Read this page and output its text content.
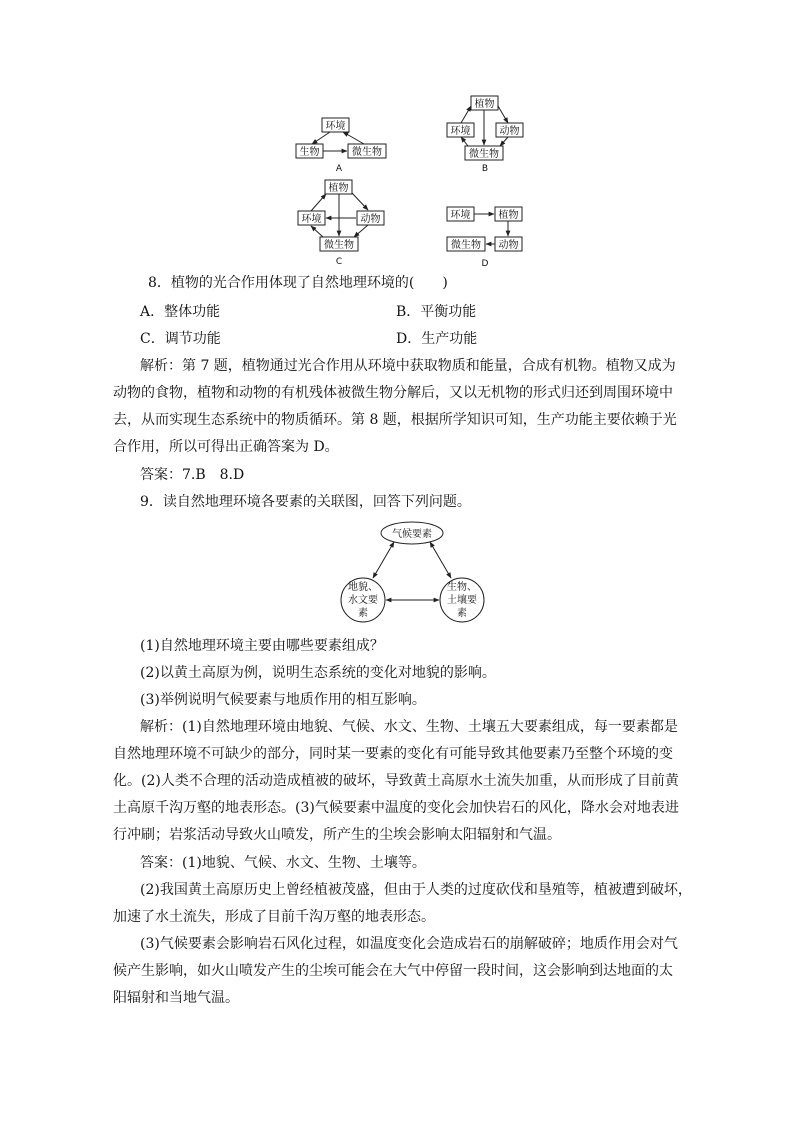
环境
生物	微生物
A
植物
环境	动物
微生物
B
植物
环境	动物
微生物
C
环境	植物
微生物 动物
D
8．植物的光合作用体现了自然地理环境的(　　)
A．整体功能	B．平衡功能
C．调节功能	D．生产功能
解析：第 7 题，植物通过光合作用从环境中获取物质和能量，合成有机物。植物又成为
动物的食物，植物和动物的有机残体被微生物分解后，又以无机物的形式归还到周围环境中
去，从而实现生态系统中的物质循环。第 8 题，根据所学知识可知，生产功能主要依赖于光
合作用，所以可得出正确答案为 D。
答案：7.B　8.D
9．读自然地理环境各要素的关联图，回答下列问题。
气候要素
地貌、
水文要
素
生物、
土壤要
素
(1)自然地理环境主要由哪些要素组成？
(2)以黄土高原为例，说明生态系统的变化对地貌的影响。
(3)举例说明气候要素与地质作用的相互影响。
解析：(1)自然地理环境由地貌、气候、水文、生物、土壤五大要素组成，每一要素都是
自然地理环境不可缺少的部分，同时某一要素的变化有可能导致其他要素乃至整个环境的变
化。(2)人类不合理的活动造成植被的破坏，导致黄土高原水土流失加重，从而形成了目前黄
土高原千沟万壑的地表形态。(3)气候要素中温度的变化会加快岩石的风化，降水会对地表进
行冲刷；岩浆活动导致火山喷发，所产生的尘埃会影响太阳辐射和气温。
答案：(1)地貌、气候、水文、生物、土壤等。
(2)我国黄土高原历史上曾经植被茂盛，但由于人类的过度砍伐和垦殖等，植被遭到破坏，
加速了水土流失，形成了目前千沟万壑的地表形态。
(3)气候要素会影响岩石风化过程，如温度变化会造成岩石的崩解破碎；地质作用会对气
候产生影响，如火山喷发产生的尘埃可能会在大气中停留一段时间，这会影响到达地面的太
阳辐射和当地气温。
